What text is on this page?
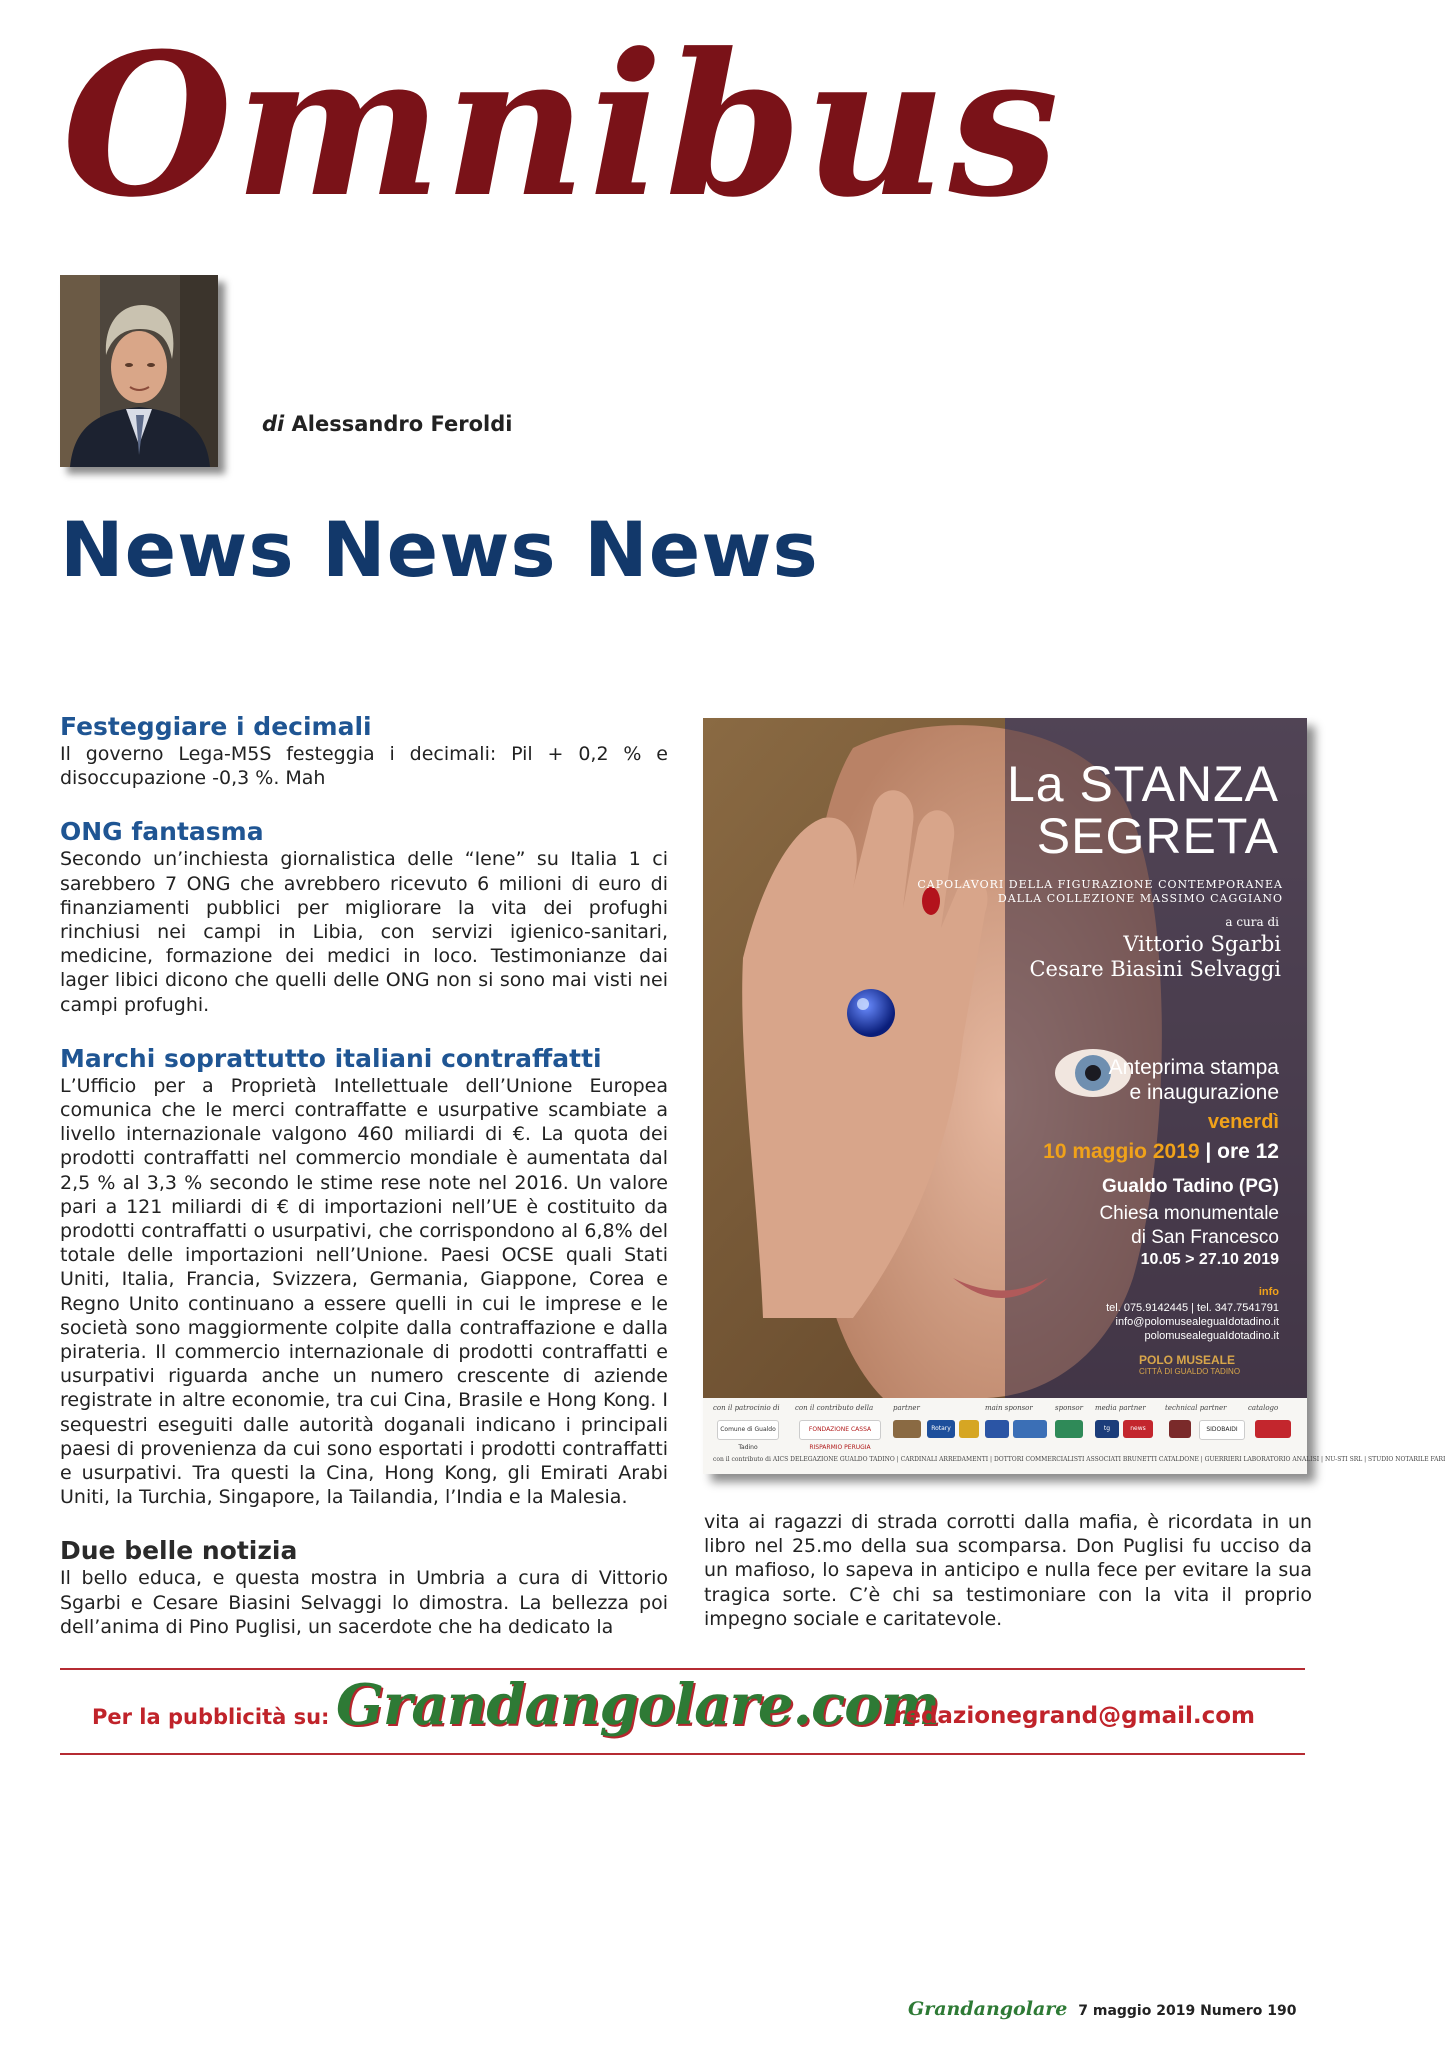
Omnibus
di Alessandro Feroldi
News News News
Festeggiare i decimali

Il governo Lega-M5S festeggia i decimali: Pil + 0,2 % e disoccupazione -0,3 %. Mah

ONG fantasma

Secondo un’inchiesta giornalistica delle “Iene” su Italia 1 ci sarebbero 7 ONG che avrebbero ricevuto 6 milioni di euro di finanziamenti pubblici per migliorare la vita dei profughi rinchiusi nei campi in Libia, con servizi igienico-sanitari, medicine, formazione dei medici in loco. Testimonianze dai lager libici dicono che quelli delle ONG non si sono mai visti nei campi profughi.

Marchi soprattutto italiani contraffatti

L’Ufficio per a Proprietà Intellettuale dell’Unione Europea comunica che le merci contraffatte e usurpative scambiate a livello internazionale valgono 460 miliardi di €. La quota dei prodotti contraffatti nel commercio mondiale è aumentata dal 2,5 % al 3,3 % secondo le stime rese note nel 2016. Un valore pari a 121 miliardi di € di importazioni nell’UE è costituito da prodotti contraffatti o usurpativi, che corrispondono al 6,8% del totale delle importazioni nell’Unione. Paesi OCSE quali Stati Uniti, Italia, Francia, Svizzera, Germania, Giappone, Corea e Regno Unito continuano a essere quelli in cui le imprese e le società sono maggiormente colpite dalla contraffazione e dalla pirateria. Il commercio internazionale di prodotti contraffatti e usurpativi riguarda anche un numero crescente di aziende registrate in altre economie, tra cui Cina, Brasile e Hong Kong. I sequestri eseguiti dalle autorità doganali indicano i principali paesi di provenienza da cui sono esportati i prodotti contraffatti e usurpativi. Tra questi la Cina, Hong Kong, gli Emirati Arabi Uniti, la Turchia, Singapore, la Tailandia, l’India e la Malesia.

Due belle notizia

Il bello educa, e questa mostra in Umbria a cura di Vittorio Sgarbi e Cesare Biasini Selvaggi lo dimostra. La bellezza poi dell’anima di Pino Puglisi, un sacerdote che ha dedicato la

La STANZA
SEGRETA
CAPOLAVORI DELLA FIGURAZIONE CONTEMPORANEA
DALLA COLLEZIONE MASSIMO CAGGIANO
a cura di
Vittorio Sgarbi
Cesare Biasini Selvaggi
Anteprima stampa
e inaugurazione
venerdì
10 maggio 2019 | ore 12
Gualdo Tadino (PG)
Chiesa monumentale
di San Francesco
10.05 > 27.10 2019
info
tel. 075.9142445 | tel. 347.7541791
info@polomusealeguaIdotadino.it
polomusealeguaIdotadino.it
POLO MUSEALE
CITTÀ DI GUALDO TADINO
con il patrocinio di con il contributo della	partner	main sponsor	sponsor media partner	technical partner	catalogo
Comune di Gualdo Tadino
FONDAZIONE CASSA RISPARMIO PERUGIA
Rotary	tg	news	SIDOBAIDI
con il contributo di AICS DELEGAZIONE GUALDO TADINO | CARDINALI ARREDAMENTI | DOTTORI COMMERCIALISTI ASSOCIATI BRUNETTI CATALDONE | GUERRIERI LABORATORIO ANALISI | NU-STI SRL | STUDIO NOTARILE FARI

vita ai ragazzi di strada corrotti dalla mafia, è ricordata in un libro nel 25.mo della sua scomparsa. Don Puglisi fu ucciso da un mafioso, lo sapeva in anticipo e nulla fece per evitare la sua tragica sorte. C’è chi sa testimoniare con la vita il proprio impegno sociale e caritatevole.

Per la pubblicità su: Grandangolare.com
redazionegrand@gmail.com
Grandangolare 7 maggio 2019 Numero 190
